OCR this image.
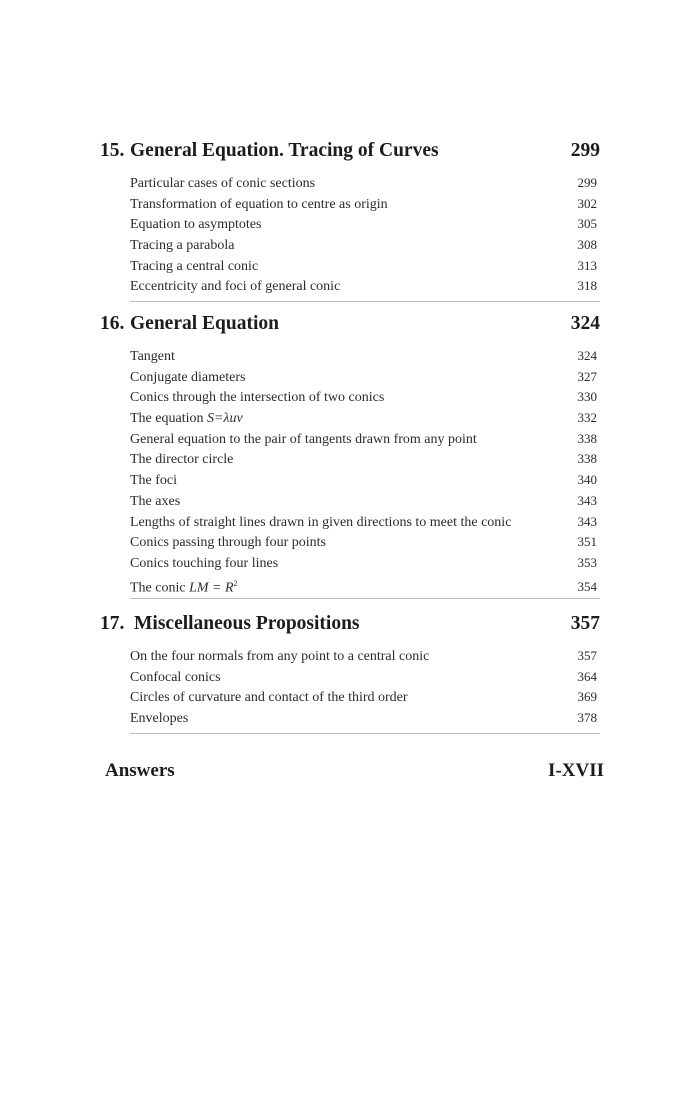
15. General Equation. Tracing of Curves	299
Particular cases of conic sections	299
Transformation of equation to centre as origin	302
Equation to asymptotes	305
Tracing a parabola	308
Tracing a central conic	313
Eccentricity and foci of general conic	318
16. General Equation	324
Tangent	324
Conjugate diameters	327
Conics through the intersection of two conics	330
The equation S=λuv	332
General equation to the pair of tangents drawn from any point	338
The director circle	338
The foci	340
The axes	343
Lengths of straight lines drawn in given directions to meet the conic	343
Conics passing through four points	351
Conics touching four lines	353
The conic LM = $R^2$	354
17. Miscellaneous Propositions	357
On the four normals from any point to a central conic	357
Confocal conics	364
Circles of curvature and contact of the third order	369
Envelopes	378
Answers	I-XVII
